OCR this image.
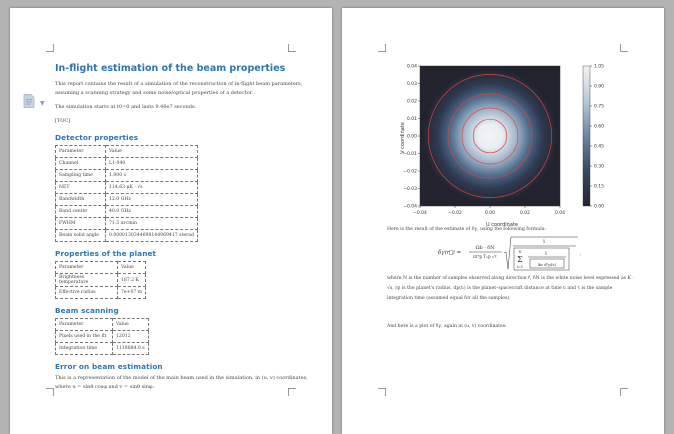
▼
In-flight estimation of the beam properties

This report contains the result of a simulation of the reconstruction of in-flight beam parameters, assuming a scanning strategy and some noise/optical properties of a detector.

The simulation starts at t0=0 and lasts 9.46e7 seconds.

[TOC]

Detector properties
Parameter	Value
Channel	L1-040
Sampling time	1.000 s
NET	114.63 μK · √s
Bandwidth	12.0 GHz
Band center	40.0 GHz
FWHM	71.5 arcmin
Beam solid angle	0.0000130344698144969417 sterad
Properties of the planet
Parameter	Value
Brightness temperature	187.2 K
Effective radius	7e+07 m
Beam scanning
Parameter	Value
Pixels used in the fit	12012
Integration time	1118884.0 s
Error on beam estimation

This is a representation of the model of the main beam used in the simulation, in (u, v) coordinates, where u = sinθ cosφ and v = sinθ sinφ:

−0.04	−0.02	0.00	0.02	0.04
0.04
0.03
0.02
0.01
0.00
−0.01
−0.02
−0.03
−0.04
U coordinate
V coordinate
1.05
0.90
0.75
0.60
0.45
0.30
0.15
0.00
Here is the result of the estimate of δγ, using the following formula:
δγ(r⃗) =
Ωb · δN
πr²p Tₓp √τ
1
N
Σ
i=1
1
4π d²p(tᵢ)
,
where N is the number of samples observed along direction r⃗, δN is the white noise level expressed as K · √s, rp is the planet's radius, dp(tᵢ) is the planet–spacecraft distance at time tᵢ and τ is the sample integration time (assumed equal for all the samples).
And here is a plot of δγ, again in (u, v) coordinates:
